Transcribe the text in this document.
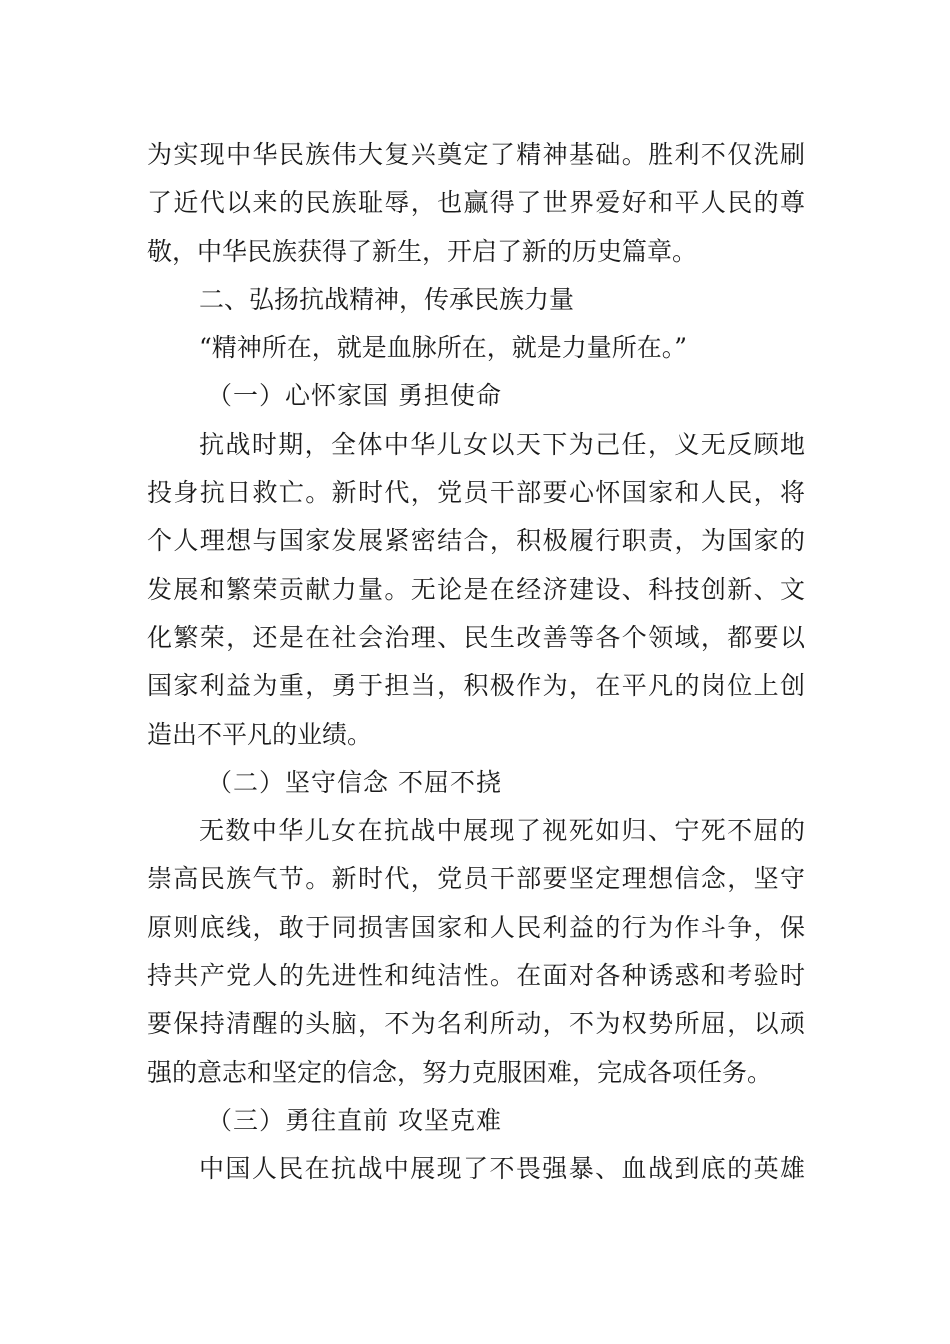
为实现中华民族伟大复兴奠定了精神基础。胜利不仅洗刷
了近代以来的民族耻辱，也赢得了世界爱好和平人民的尊
敬，中华民族获得了新生，开启了新的历史篇章。
二、弘扬抗战精神，传承民族力量
“精神所在，就是血脉所在，就是力量所在。”
（一）心怀家国 勇担使命
抗战时期，全体中华儿女以天下为己任，义无反顾地
投身抗日救亡。新时代，党员干部要心怀国家和人民，将
个人理想与国家发展紧密结合，积极履行职责，为国家的
发展和繁荣贡献力量。无论是在经济建设、科技创新、文
化繁荣，还是在社会治理、民生改善等各个领域，都要以
国家利益为重，勇于担当，积极作为，在平凡的岗位上创
造出不平凡的业绩。
（二）坚守信念 不屈不挠
无数中华儿女在抗战中展现了视死如归、宁死不屈的
崇高民族气节。新时代，党员干部要坚定理想信念，坚守
原则底线，敢于同损害国家和人民利益的行为作斗争，保
持共产党人的先进性和纯洁性。在面对各种诱惑和考验时
要保持清醒的头脑，不为名利所动，不为权势所屈，以顽
强的意志和坚定的信念，努力克服困难，完成各项任务。
（三）勇往直前 攻坚克难
中国人民在抗战中展现了不畏强暴、血战到底的英雄
